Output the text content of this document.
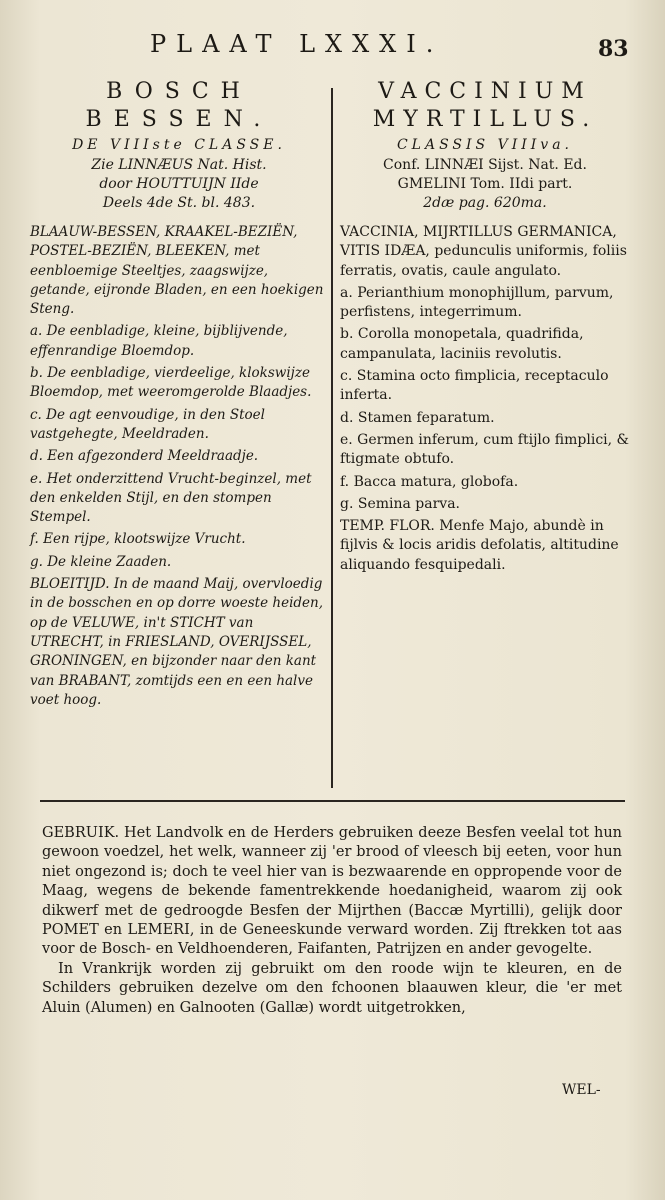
PLAAT LXXXI.	83
BOSCH
BESSEN.
DE VIIIste CLASSE.
Zie LINNÆUS Nat. Hist.
door HOUTTUIJN IIde
Deels 4de St. bl. 483.

BLAAUW-BESSEN, KRAAKEL-BEZIËN, POSTEL-BEZIËN, BLEEKEN, met eenbloemige Steeltjes, zaagswijze, getande, eijronde Bladen, en een hoekigen Steng.

a. De eenbladige, kleine, bijblijvende, effenrandige Bloemdop.

b. De eenbladige, vierdeelige, klokswijze Bloemdop, met weeromgerolde Blaadjes.

c. De agt eenvoudige, in den Stoel vastgehegte, Meeldraden.

d. Een afgezonderd Meeldraadje.

e. Het onderzittend Vrucht-beginzel, met den enkelden Stijl, en den stompen Stempel.

f. Een rijpe, klootswijze Vrucht.

g. De kleine Zaaden.

BLOEITIJD. In de maand Maij, overvloedig in de bosschen en op dorre woeste heiden, op de VELUWE, in't STICHT van UTRECHT, in FRIESLAND, OVERIJSSEL, GRONINGEN, en bijzonder naar den kant van BRABANT, zomtijds een en een halve voet hoog.

VACCINIUM
MYRTILLUS.
CLASSIS VIIIva.
Conf. LINNÆI Sijst. Nat. Ed.
GMELINI Tom. IIdi part.
2dæ pag. 620ma.

VACCINIA, MIJRTILLUS GERMANICA, VITIS IDÆA, pedunculis uniformis, foliis ferratis, ovatis, caule angulato.

a. Perianthium monophijllum, parvum, perfistens, integerrimum.

b. Corolla monopetala, quadrifida, campanulata, laciniis revolutis.

c. Stamina octo fimplicia, receptaculo inferta.

d. Stamen feparatum.

e. Germen inferum, cum ftijlo fimplici, & ftigmate obtufo.

f. Bacca matura, globofa.

g. Semina parva.

TEMP. FLOR. Menfe Majo, abundè in fijlvis & locis aridis defolatis, altitudine aliquando fesquipedali.

GEBRUIK. Het Landvolk en de Herders gebruiken deeze Besfen veelal tot hun gewoon voedzel, het welk, wanneer zij 'er brood of vleesch bij eeten, voor hun niet ongezond is; doch te veel hier van is bezwaarende en oppropende voor de Maag, wegens de bekende famentrekkende hoedanigheid, waarom zij ook dikwerf met de gedroogde Besfen der Mijrthen (Baccæ Myrtilli), gelijk door POMET en LEMERI, in de Geneeskunde verward worden. Zij ftrekken tot aas voor de Bosch- en Veldhoenderen, Faifanten, Patrijzen en ander gevogelte.

In Vrankrijk worden zij gebruikt om den roode wijn te kleuren, en de Schilders gebruiken dezelve om den fchoonen blaauwen kleur, die 'er met Aluin (Alumen) en Galnooten (Gallæ) wordt uitgetrokken,

WEL-
